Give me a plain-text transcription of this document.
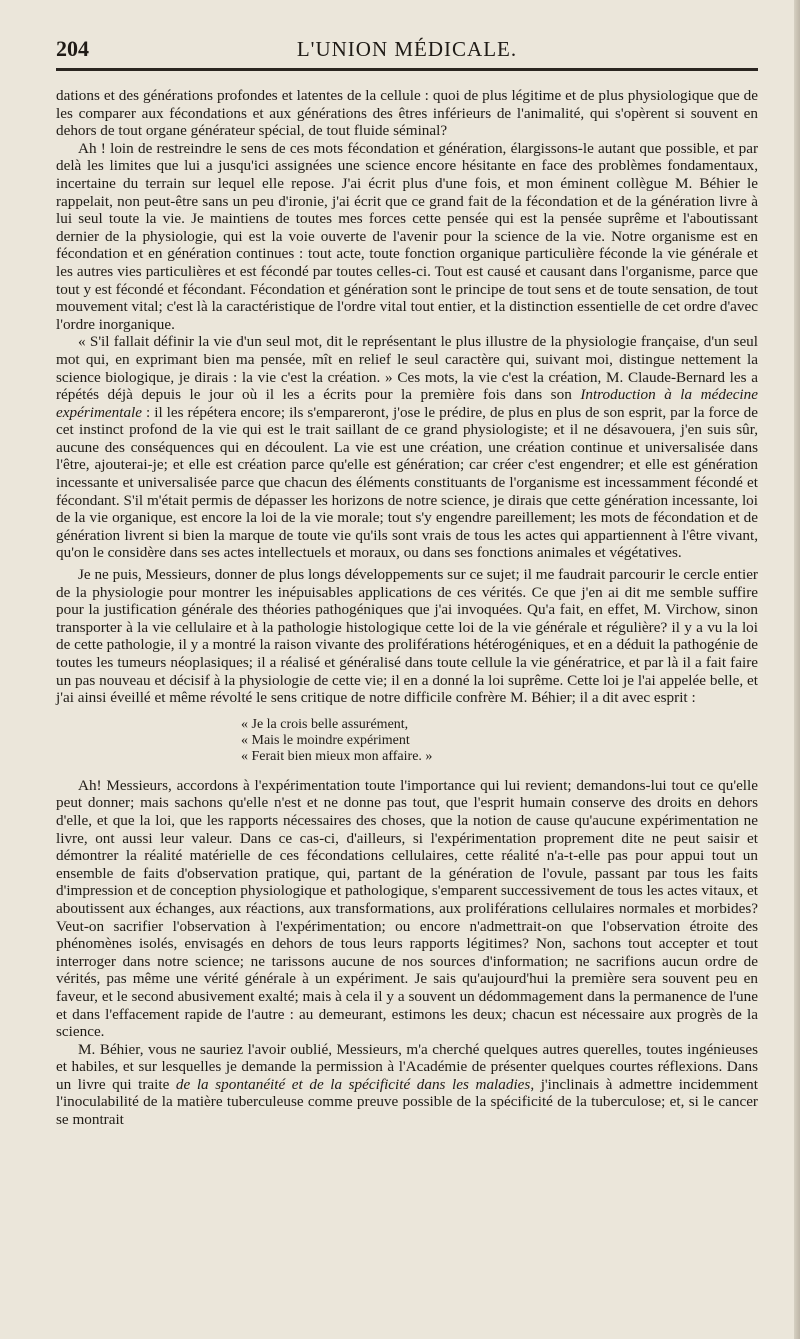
204	L'UNION MÉDICALE.

dations et des générations profondes et latentes de la cellule : quoi de plus légitime et de plus physiologique que de les comparer aux fécondations et aux générations des êtres inférieurs de l'animalité, qui s'opèrent si souvent en dehors de tout organe générateur spécial, de tout fluide séminal?

Ah ! loin de restreindre le sens de ces mots fécondation et génération, élargissons-le autant que possible, et par delà les limites que lui a jusqu'ici assignées une science encore hésitante en face des problèmes fondamentaux, incertaine du terrain sur lequel elle repose. J'ai écrit plus d'une fois, et mon éminent collègue M. Béhier le rappelait, non peut-être sans un peu d'ironie, j'ai écrit que ce grand fait de la fécondation et de la génération livre à lui seul toute la vie. Je maintiens de toutes mes forces cette pensée qui est la pensée suprême et l'aboutissant dernier de la physiologie, qui est la voie ouverte de l'avenir pour la science de la vie. Notre organisme est en fécondation et en génération continues : tout acte, toute fonction organique particulière féconde la vie générale et les autres vies particulières et est fécondé par toutes celles-ci. Tout est causé et causant dans l'organisme, parce que tout y est fécondé et fécondant. Fécondation et génération sont le principe de tout sens et de toute sensation, de tout mouvement vital; c'est là la caractéristique de l'ordre vital tout entier, et la distinction essentielle de cet ordre d'avec l'ordre inorganique.

« S'il fallait définir la vie d'un seul mot, dit le représentant le plus illustre de la physiologie française, d'un seul mot qui, en exprimant bien ma pensée, mît en relief le seul caractère qui, suivant moi, distingue nettement la science biologique, je dirais : la vie c'est la création. » Ces mots, la vie c'est la création, M. Claude-Bernard les a répétés déjà depuis le jour où il les a écrits pour la première fois dans son Introduction à la médecine expérimentale : il les répétera encore; ils s'empareront, j'ose le prédire, de plus en plus de son esprit, par la force de cet instinct profond de la vie qui est le trait saillant de ce grand physiologiste; et il ne désavouera, j'en suis sûr, aucune des conséquences qui en découlent. La vie est une création, une création continue et universalisée dans l'être, ajouterai-je; et elle est création parce qu'elle est génération; car créer c'est engendrer; et elle est génération incessante et universalisée parce que chacun des éléments constituants de l'organisme est incessamment fécondé et fécondant. S'il m'était permis de dépasser les horizons de notre science, je dirais que cette génération incessante, loi de la vie organique, est encore la loi de la vie morale; tout s'y engendre pareillement; les mots de fécondation et de génération livrent si bien la marque de toute vie qu'ils sont vrais de tous les actes qui appartiennent à l'être vivant, qu'on le considère dans ses actes intellectuels et moraux, ou dans ses fonctions animales et végétatives.

Je ne puis, Messieurs, donner de plus longs développements sur ce sujet; il me faudrait parcourir le cercle entier de la physiologie pour montrer les inépuisables applications de ces vérités. Ce que j'en ai dit me semble suffire pour la justification générale des théories pathogéniques que j'ai invoquées. Qu'a fait, en effet, M. Virchow, sinon transporter à la vie cellulaire et à la pathologie histologique cette loi de la vie générale et régulière? il y a vu la loi de cette pathologie, il y a montré la raison vivante des proliférations hétérogéniques, et en a déduit la pathogénie de toutes les tumeurs néoplasiques; il a réalisé et généralisé dans toute cellule la vie génératrice, et par là il a fait faire un pas nouveau et décisif à la physiologie de cette vie; il en a donné la loi suprême. Cette loi je l'ai appelée belle, et j'ai ainsi éveillé et même révolté le sens critique de notre difficile confrère M. Béhier; il a dit avec esprit :

« Je la crois belle assurément,
« Mais le moindre expériment
« Ferait bien mieux mon affaire. »

Ah! Messieurs, accordons à l'expérimentation toute l'importance qui lui revient; demandons-lui tout ce qu'elle peut donner; mais sachons qu'elle n'est et ne donne pas tout, que l'esprit humain conserve des droits en dehors d'elle, et que la loi, que les rapports nécessaires des choses, que la notion de cause qu'aucune expérimentation ne livre, ont aussi leur valeur. Dans ce cas-ci, d'ailleurs, si l'expérimentation proprement dite ne peut saisir et démontrer la réalité matérielle de ces fécondations cellulaires, cette réalité n'a-t-elle pas pour appui tout un ensemble de faits d'observation pratique, qui, partant de la génération de l'ovule, passant par tous les faits d'impression et de conception physiologique et pathologique, s'emparent successivement de tous les actes vitaux, et aboutissent aux échanges, aux réactions, aux transformations, aux proliférations cellulaires normales et morbides? Veut-on sacrifier l'observation à l'expérimentation; ou encore n'admettrait-on que l'observation étroite des phénomènes isolés, envisagés en dehors de tous leurs rapports légitimes? Non, sachons tout accepter et tout interroger dans notre science; ne tarissons aucune de nos sources d'information; ne sacrifions aucun ordre de vérités, pas même une vérité générale à un expériment. Je sais qu'aujourd'hui la première sera souvent peu en faveur, et le second abusivement exalté; mais à cela il y a souvent un dédommagement dans la permanence de l'une et dans l'effacement rapide de l'autre : au demeurant, estimons les deux; chacun est nécessaire aux progrès de la science.

M. Béhier, vous ne sauriez l'avoir oublié, Messieurs, m'a cherché quelques autres querelles, toutes ingénieuses et habiles, et sur lesquelles je demande la permission à l'Académie de présenter quelques courtes réflexions. Dans un livre qui traite de la spontanéité et de la spécificité dans les maladies, j'inclinais à admettre incidemment l'inoculabilité de la matière tuberculeuse comme preuve possible de la spécificité de la tuberculose; et, si le cancer se montrait
